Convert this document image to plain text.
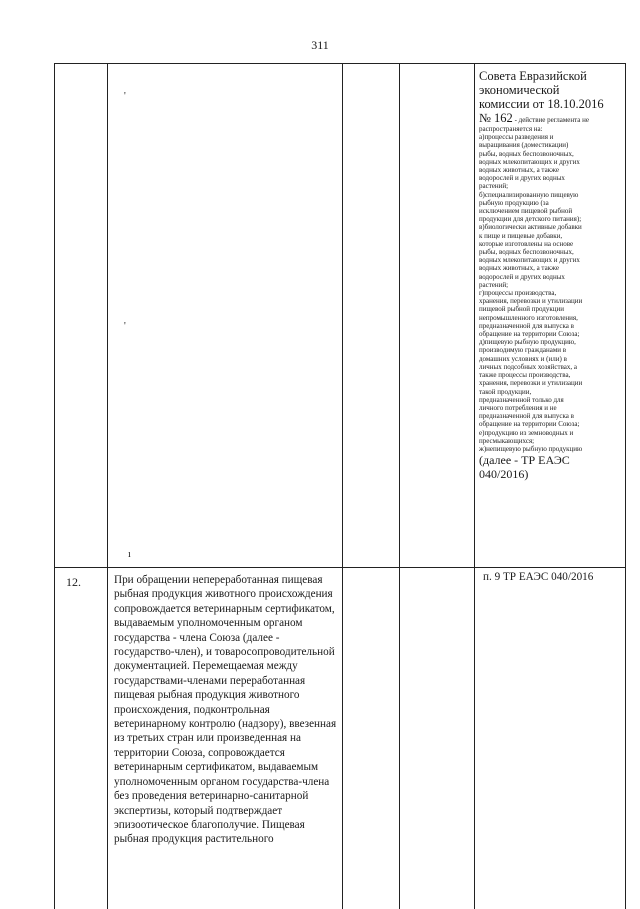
311
'
'
ı
Совета Евразийской
экономической
комиссии от 18.10.2016
№ 162 - действие регламента не
распространяется на:
а)процессы разведения и
выращивания (доместикации)
рыбы, водных беспозвоночных,
водных млекопитающих и других
водных животных, а также
водорослей и других водных
растений;
б)специализированную пищевую
рыбную продукцию (за
исключением пищевой рыбной
продукции для детского питания);
в)биологически активные добавки
к пище и пищевые добавки,
которые изготовлены на основе
рыбы, водных беспозвоночных,
водных млекопитающих и других
водных животных, а также
водорослей и других водных
растений;
г)процессы производства,
хранения, перевозки и утилизации
пищевой рыбной продукции
непромышленного изготовления,
предназначенной для выпуска в
обращение на территории Союза;
д)пищевую рыбную продукцию,
производимую гражданами в
домашних условиях и (или) в
личных подсобных хозяйствах, а
также процессы производства,
хранения, перевозки и утилизации
такой продукции,
предназначенной только для
личного потребления и не
предназначенной для выпуска в
обращение на территории Союза;
е)продукцию из земноводных и
пресмыкающихся;
ж)непищевую рыбную продукцию
(далее - ТР ЕАЭС
040/2016)
12.	При обращении непереработанная пищевая
рыбная продукция животного происхождения
сопровождается ветеринарным сертификатом,
выдаваемым уполномоченным органом
государства - члена Союза (далее -
государство-член), и товаросопроводительной
документацией. Перемещаемая между
государствами-членами переработанная
пищевая рыбная продукция животного
происхождения, подконтрольная
ветеринарному контролю (надзору), ввезенная
из третьих стран или произведенная на
территории Союза, сопровождается
ветеринарным сертификатом, выдаваемым
уполномоченным органом государства-члена
без проведения ветеринарно-санитарной
экспертизы, который подтверждает
эпизоотическое благополучие. Пищевая
рыбная продукция растительного
п. 9 ТР ЕАЭС 040/2016
